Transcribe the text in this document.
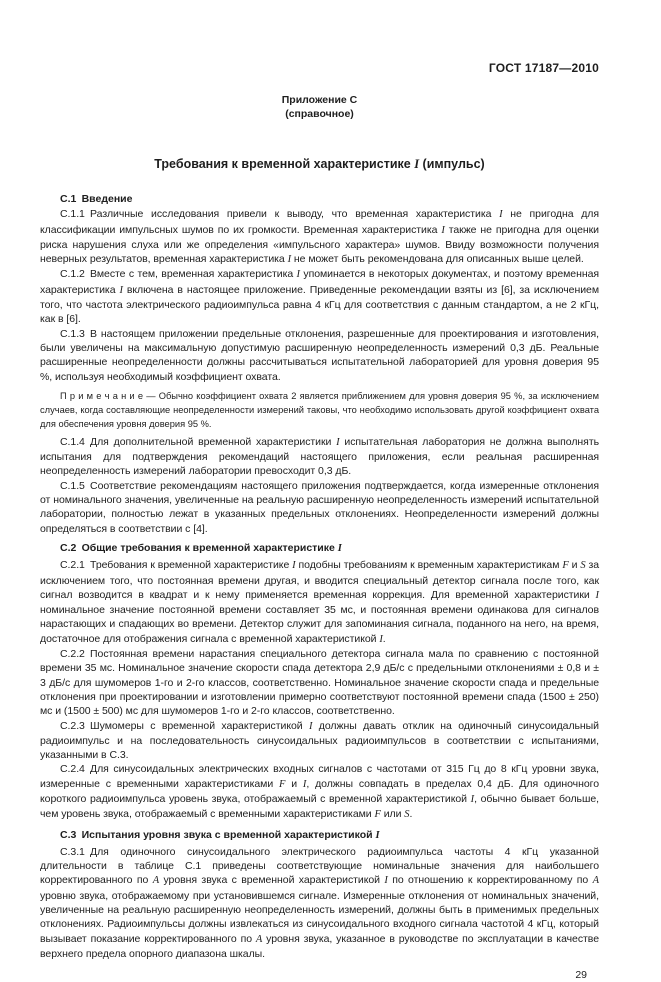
ГОСТ 17187—2010
Приложение С
(справочное)
Требования к временной характеристике I (импульс)
С.1 Введение

С.1.1 Различные исследования привели к выводу, что временная характеристика I не пригодна для классификации импульсных шумов по их громкости. Временная характеристика I также не пригодна для оценки риска нарушения слуха или же определения «импульсного характера» шумов. Ввиду возможности получения неверных результатов, временная характеристика I не может быть рекомендована для описанных выше целей.

С.1.2 Вместе с тем, временная характеристика I упоминается в некоторых документах, и поэтому временная характеристика I включена в настоящее приложение. Приведенные рекомендации взяты из [6], за исключением того, что частота электрического радиоимпульса равна 4 кГц для соответствия с данным стандартом, а не 2 кГц, как в [6].

С.1.3 В настоящем приложении предельные отклонения, разрешенные для проектирования и изготовления, были увеличены на максимальную допустимую расширенную неопределенность измерений 0,3 дБ. Реальные расширенные неопределенности должны рассчитываться испытательной лабораторией для уровня доверия 95 %, используя необходимый коэффициент охвата.

П р и м е ч а н и е — Обычно коэффициент охвата 2 является приближением для уровня доверия 95 %, за исключением случаев, когда составляющие неопределенности измерений таковы, что необходимо использовать другой коэффициент охвата для обеспечения уровня доверия 95 %.

С.1.4 Для дополнительной временной характеристики I испытательная лаборатория не должна выполнять испытания для подтверждения рекомендаций настоящего приложения, если реальная расширенная неопределенность измерений лаборатории превосходит 0,3 дБ.

С.1.5 Соответствие рекомендациям настоящего приложения подтверждается, когда измеренные отклонения от номинального значения, увеличенные на реальную расширенную неопределенность измерений испытательной лаборатории, полностью лежат в указанных предельных отклонениях. Неопределенности измерений должны определяться в соответствии с [4].

С.2 Общие требования к временной характеристике I

С.2.1 Требования к временной характеристике I подобны требованиям к временным характеристикам F и S за исключением того, что постоянная времени другая, и вводится специальный детектор сигнала после того, как сигнал возводится в квадрат и к нему применяется временная коррекция. Для временной характеристики I номинальное значение постоянной времени составляет 35 мс, и постоянная времени одинакова для сигналов нарастающих и спадающих во времени. Детектор служит для запоминания сигнала, поданного на него, на время, достаточное для отображения сигнала с временной характеристикой I.

С.2.2 Постоянная времени нарастания специального детектора сигнала мала по сравнению с постоянной времени 35 мс. Номинальное значение скорости спада детектора 2,9 дБ/с с предельными отклонениями ± 0,8 и ± 3 дБ/с для шумомеров 1-го и 2-го классов, соответственно. Номинальное значение скорости спада и предельные отклонения при проектировании и изготовлении примерно соответствуют постоянной времени спада (1500 ± 250) мс и (1500 ± 500) мс для шумомеров 1-го и 2-го классов, соответственно.

С.2.3 Шумомеры с временной характеристикой I должны давать отклик на одиночный синусоидальный радиоимпульс и на последовательность синусоидальных радиоимпульсов в соответствии с испытаниями, указанными в С.3.

С.2.4 Для синусоидальных электрических входных сигналов с частотами от 315 Гц до 8 кГц уровни звука, измеренные с временными характеристиками F и I, должны совпадать в пределах 0,4 дБ. Для одиночного короткого радиоимпульса уровень звука, отображаемый с временной характеристикой I, обычно бывает больше, чем уровень звука, отображаемый с временными характеристиками F или S.

С.3 Испытания уровня звука с временной характеристикой I

С.3.1 Для одиночного синусоидального электрического радиоимпульса частоты 4 кГц указанной длительности в таблице С.1 приведены соответствующие номинальные значения для наибольшего корректированного по A уровня звука с временной характеристикой I по отношению к корректированному по A уровню звука, отображаемому при установившемся сигнале. Измеренные отклонения от номинальных значений, увеличенные на реальную расширенную неопределенность измерений, должны быть в применимых предельных отклонениях. Радиоимпульсы должны извлекаться из синусоидального входного сигнала частотой 4 кГц, который вызывает показание корректированного по A уровня звука, указанное в руководстве по эксплуатации в качестве верхнего предела опорного диапазона шкалы.

29
